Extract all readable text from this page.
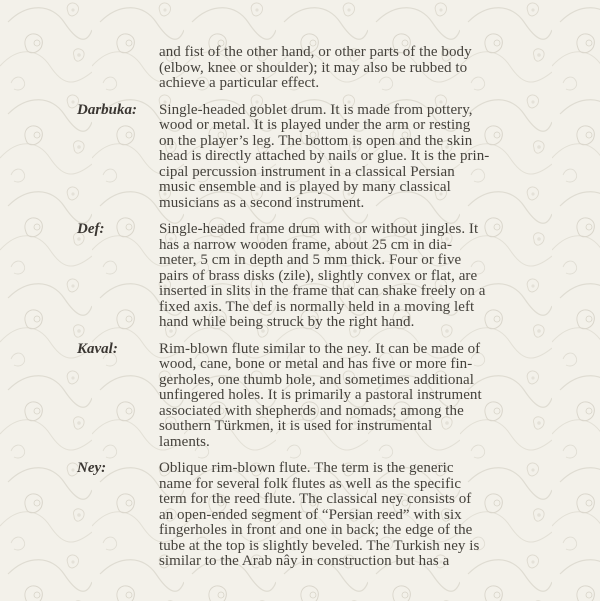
and fist of the other hand, or other parts of the body
(elbow, knee or shoulder); it may also be rubbed to
achieve a particular effect.

Darbuka:	Single-headed goblet drum. It is made from pottery,
wood or metal. It is played under the arm or resting
on the player’s leg. The bottom is open and the skin
head is directly attached by nails or glue. It is the prin-
cipal percussion instrument in a classical Persian
music ensemble and is played by many classical
musicians as a second instrument.

Def:	Single-headed frame drum with or without jingles. It
has a narrow wooden frame, about 25 cm in dia-
meter, 5 cm in depth and 5 mm thick. Four or five
pairs of brass disks (zile), slightly convex or flat, are
inserted in slits in the frame that can shake freely on a
fixed axis. The def is normally held in a moving left
hand while being struck by the right hand.

Kaval:	Rim-blown flute similar to the ney. It can be made of
wood, cane, bone or metal and has five or more fin-
gerholes, one thumb hole, and sometimes additional
unfingered holes. It is primarily a pastoral instrument
associated with shepherds and nomads; among the
southern Türkmen, it is used for instrumental
laments.

Ney:	Oblique rim-blown flute. The term is the generic
name for several folk flutes as well as the specific
term for the reed flute. The classical ney consists of
an open-ended segment of “Persian reed” with six
fingerholes in front and one in back; the edge of the
tube at the top is slightly beveled. The Turkish ney is
similar to the Arab nây in construction but has a
